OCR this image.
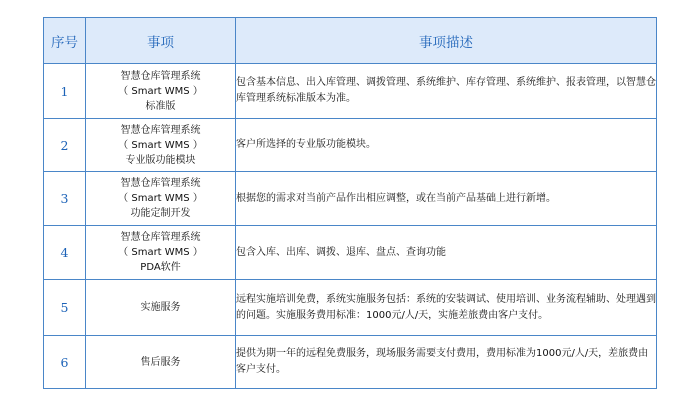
序号	事项	事项描述
1	智慧仓库管理系统
（ Smart WMS ）
标准版	包含基本信息、出入库管理、调拨管理、系统维护、库存管理、系统维护、报表管理，以智慧仓库管理系统标准版本为准。
2	智慧仓库管理系统
（ Smart WMS ）
专业版功能模块	客户所选择的专业版功能模块。
3	智慧仓库管理系统
（ Smart WMS ）
功能定制开发	根据您的需求对当前产品作出相应调整，或在当前产品基础上进行新增。
4	智慧仓库管理系统
（ Smart WMS ）
PDA软件	包含入库、出库、调拨、退库、盘点、查询功能
5	实施服务	远程实施培训免费，系统实施服务包括：系统的安装调试、使用培训、业务流程辅助、处理遇到的问题。实施服务费用标准：1000元/人/天，实施差旅费由客户支付。
6	售后服务	提供为期一年的远程免费服务，现场服务需要支付费用，费用标准为1000元/人/天，差旅费由客户支付。
